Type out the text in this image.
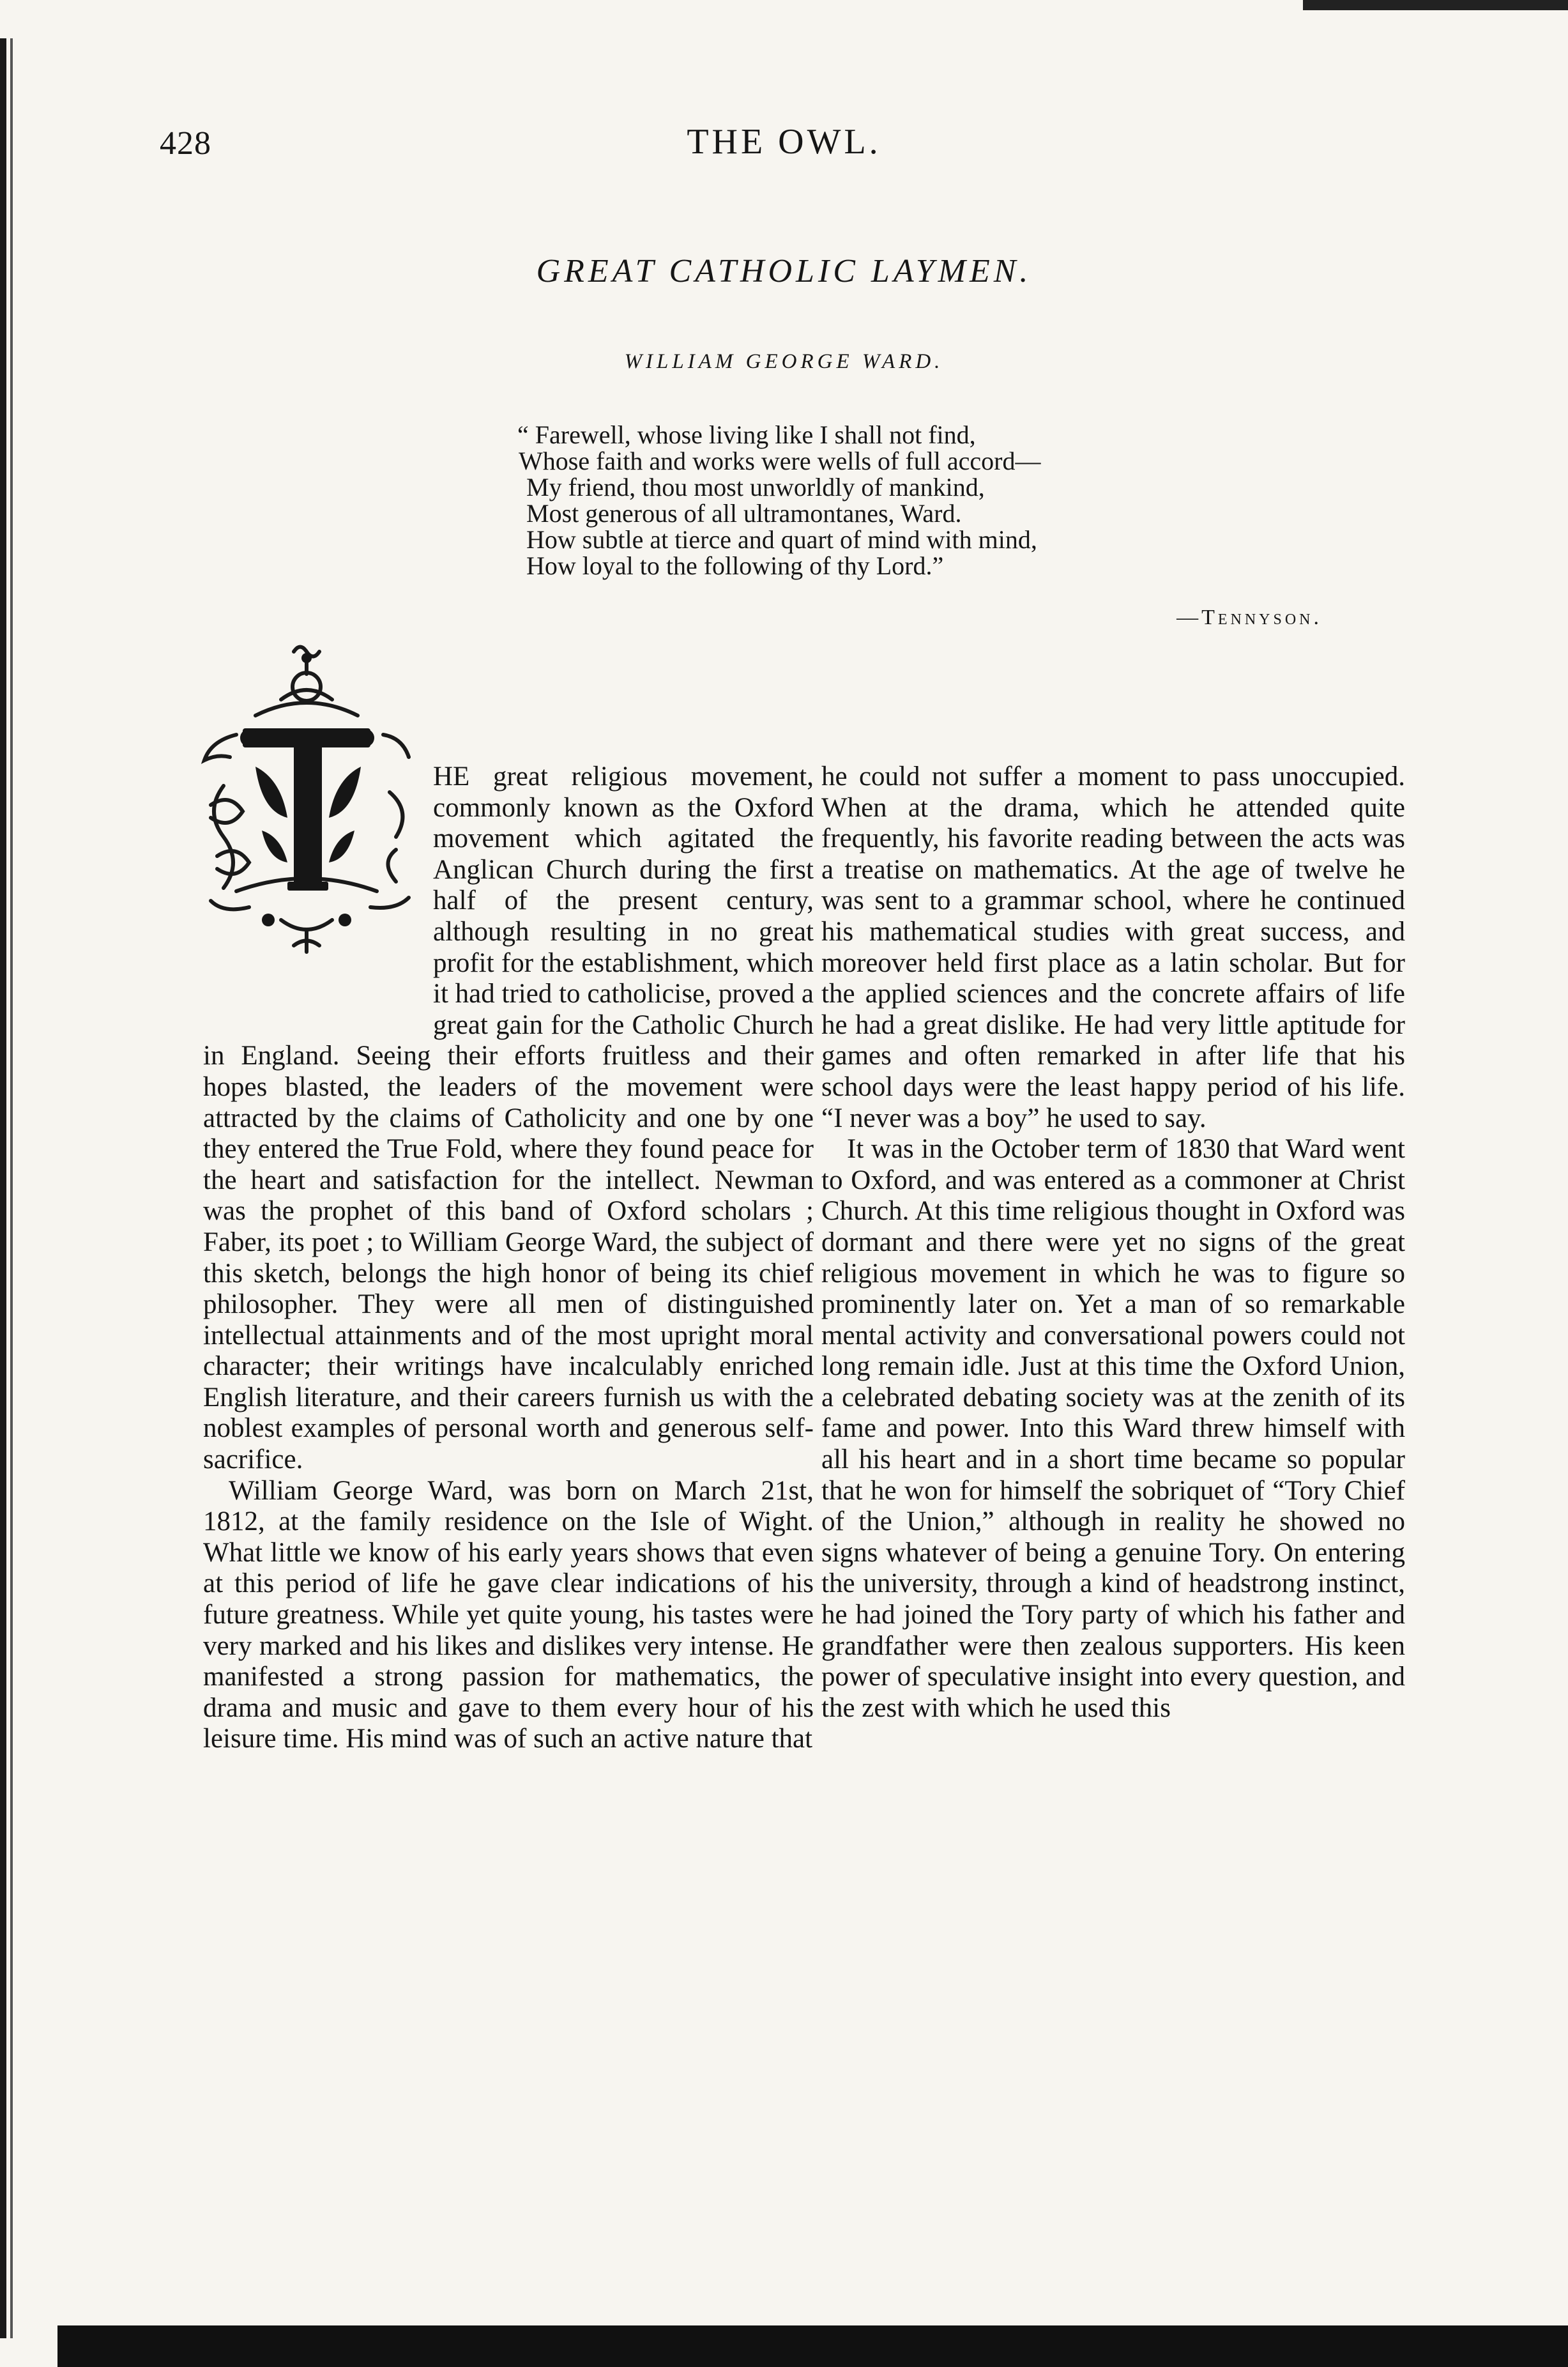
428	THE OWL.
GREAT CATHOLIC LAYMEN.
WILLIAM GEORGE WARD.
“ Farewell, whose living like I shall not find,
Whose faith and works were wells of full accord—
My friend, thou most unworldly of mankind,
Most generous of all ultramontanes, Ward.
How subtle at tierce and quart of mind with mind,
How loyal to the following of thy Lord.”
—Tennyson.

HE great religious movement, commonly known as the Oxford movement which agitated the Anglican Church during the first half of the present century, although resulting in no great profit for the establishment, which it had tried to catholicise, proved a great gain for the Catholic Church in England. Seeing their efforts fruitless and their hopes blasted, the leaders of the movement were attracted by the claims of Catholicity and one by one they entered the True Fold, where they found peace for the heart and satisfaction for the intellect. Newman was the prophet of this band of Oxford scholars ; Faber, its poet ; to William George Ward, the subject of this sketch, belongs the high honor of being its chief philosopher. They were all men of distinguished intellectual attainments and of the most upright moral character; their writings have incalculably enriched English literature, and their careers furnish us with the noblest examples of personal worth and generous self-sacrifice.

William George Ward, was born on March 21st, 1812, at the family residence on the Isle of Wight. What little we know of his early years shows that even at this period of life he gave clear indications of his future greatness. While yet quite young, his tastes were very marked and his likes and dislikes very intense. He manifested a strong passion for mathematics, the drama and music and gave to them every hour of his leisure time. His mind was of such an active nature that

he could not suffer a moment to pass unoccupied. When at the drama, which he attended quite frequently, his favorite reading between the acts was a treatise on mathematics. At the age of twelve he was sent to a grammar school, where he continued his mathematical studies with great success, and moreover held first place as a latin scholar. But for the applied sciences and the concrete affairs of life he had a great dislike. He had very little aptitude for games and often remarked in after life that his school days were the least happy period of his life. “I never was a boy” he used to say.

It was in the October term of 1830 that Ward went to Oxford, and was entered as a commoner at Christ Church. At this time religious thought in Oxford was dormant and there were yet no signs of the great religious movement in which he was to figure so prominently later on. Yet a man of so remarkable mental activity and conversational powers could not long remain idle. Just at this time the Oxford Union, a celebrated debating society was at the zenith of its fame and power. Into this Ward threw himself with all his heart and in a short time became so popular that he won for himself the sobriquet of “Tory Chief of the Union,” although in reality he showed no signs whatever of being a genuine Tory. On entering the university, through a kind of headstrong instinct, he had joined the Tory party of which his father and grandfather were then zealous supporters. His keen power of speculative insight into every question, and the zest with which he used this
